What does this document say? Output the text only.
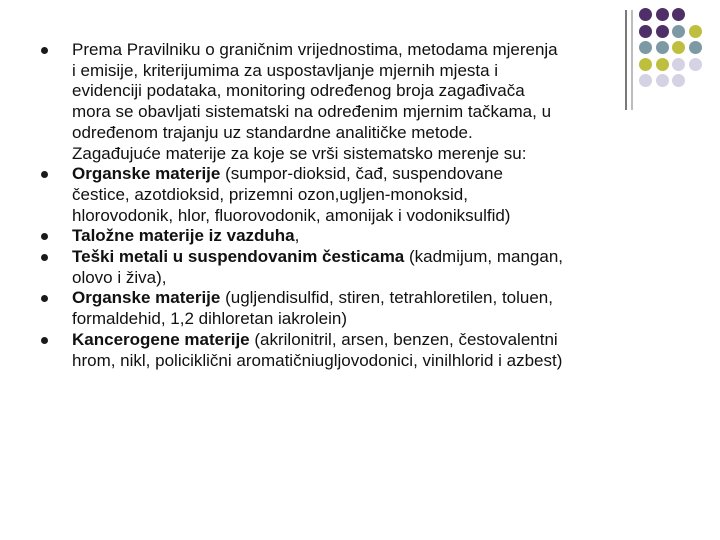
Prema Pravilniku o graničnim vrijednostima, metodama mjerenja
i emisije, kriterijumima za uspostavljanje mjernih mjesta i
evidenciji podataka, monitoring određenog broja zagađivača
mora se obavljati sistematski na određenim mjernim tačkama, u
određenom trajanju uz standardne analitičke metode.
Zagađujuće materije za koje se vrši sistematsko merenje su:
Organske materije (sumpor-dioksid, čađ, suspendovane
čestice, azotdioksid, prizemni ozon,ugljen-monoksid,
hlorovodonik, hlor, fluorovodonik, amonijak i vodoniksulfid)
Taložne materije iz vazduha,
Teški metali u suspendovanim česticama (kadmijum, mangan,
olovo i živa),
Organske materije (ugljendisulfid, stiren, tetrahloretilen, toluen,
formaldehid, 1,2 dihloretan iakrolein)
Kancerogene materije (akrilonitril, arsen, benzen, čestovalentni
hrom, nikl, policiklični aromatičniugljovodonici, vinilhlorid i azbest)
